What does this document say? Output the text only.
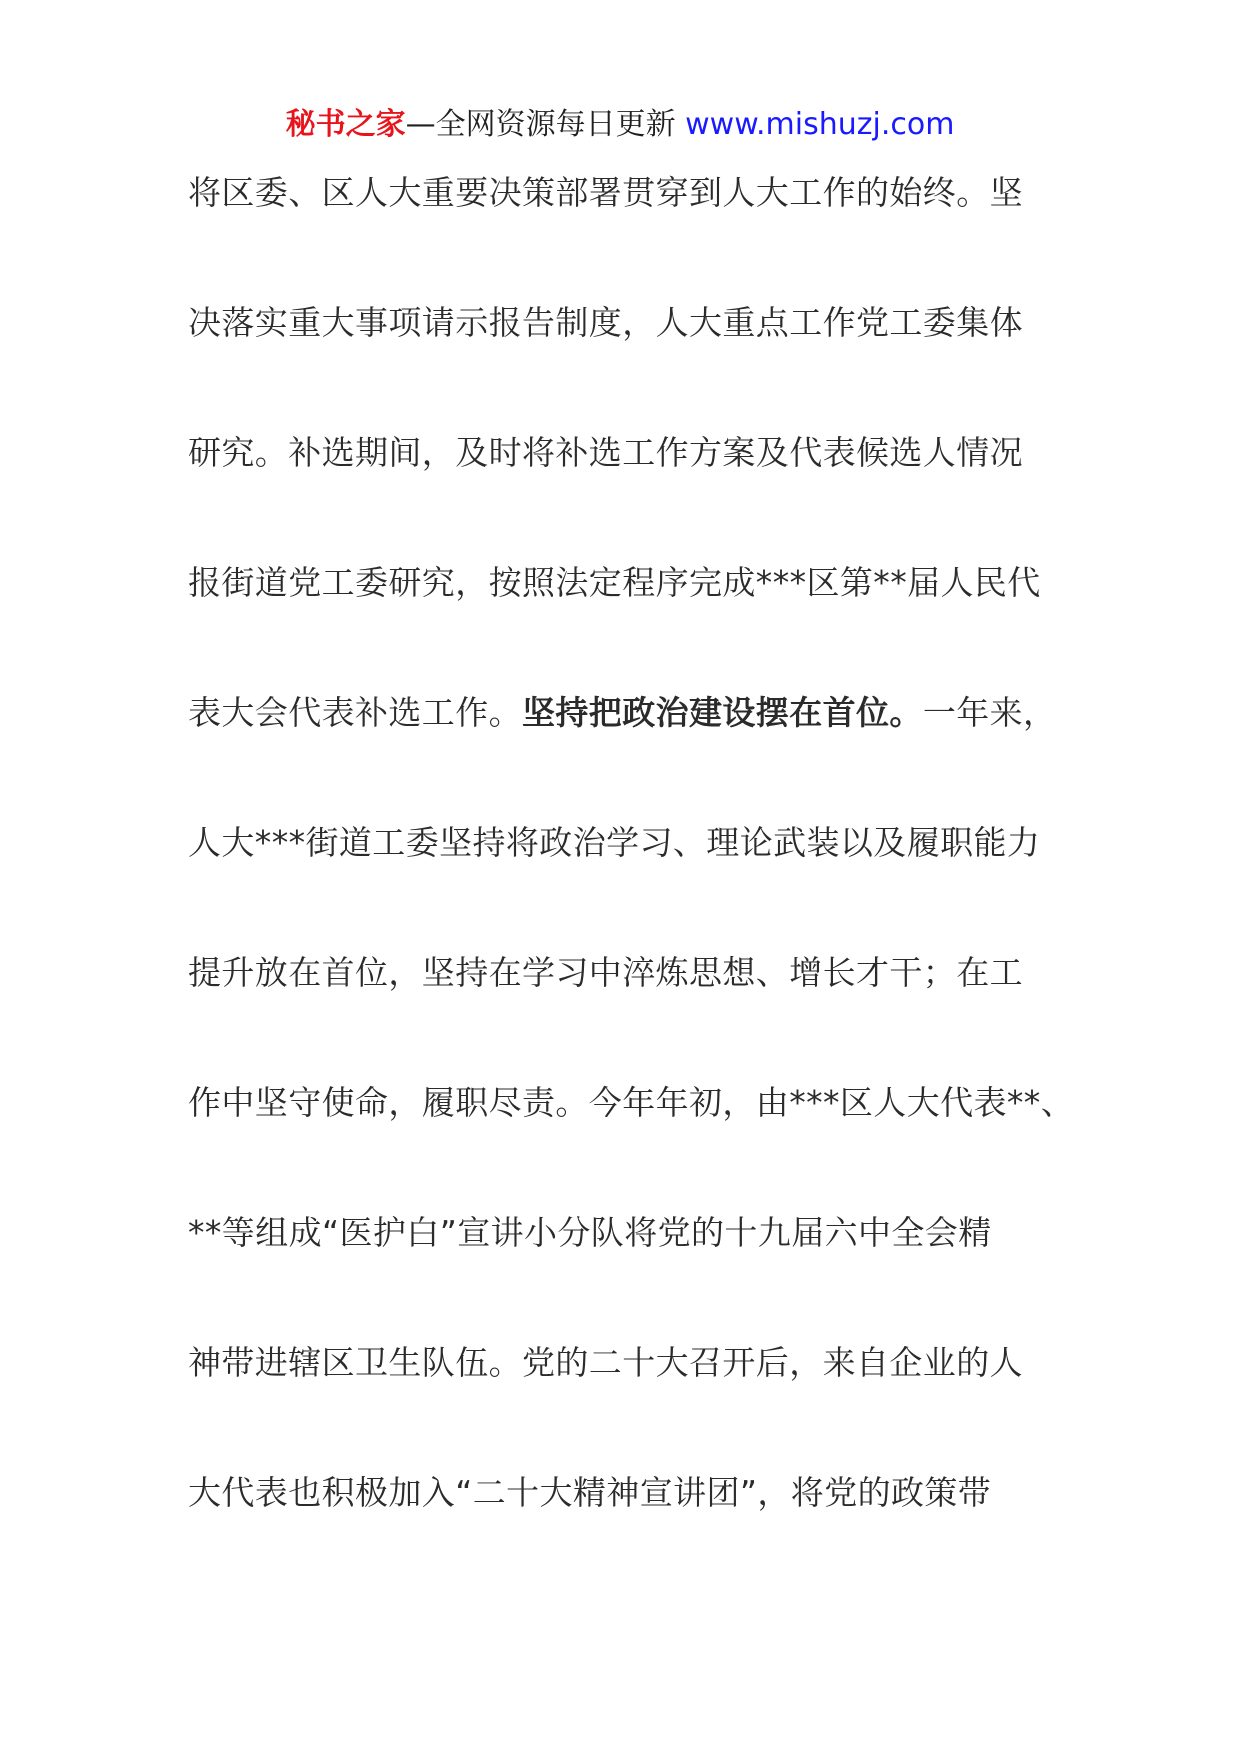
秘书之家—全网资源每日更新 www.mishuzj.com
将区委、区人大重要决策部署贯穿到人大工作的始终。坚
决落实重大事项请示报告制度，人大重点工作党工委集体
研究。补选期间，及时将补选工作方案及代表候选人情况
报街道党工委研究，按照法定程序完成***区第**届人民代
表大会代表补选工作。坚持把政治建设摆在首位。一年来，
人大***街道工委坚持将政治学习、理论武装以及履职能力
提升放在首位，坚持在学习中淬炼思想、增长才干；在工
作中坚守使命，履职尽责。今年年初，由***区人大代表**、
**等组成“医护白”宣讲小分队将党的十九届六中全会精
神带进辖区卫生队伍。党的二十大召开后，来自企业的人
大代表也积极加入“二十大精神宣讲团”，将党的政策带
